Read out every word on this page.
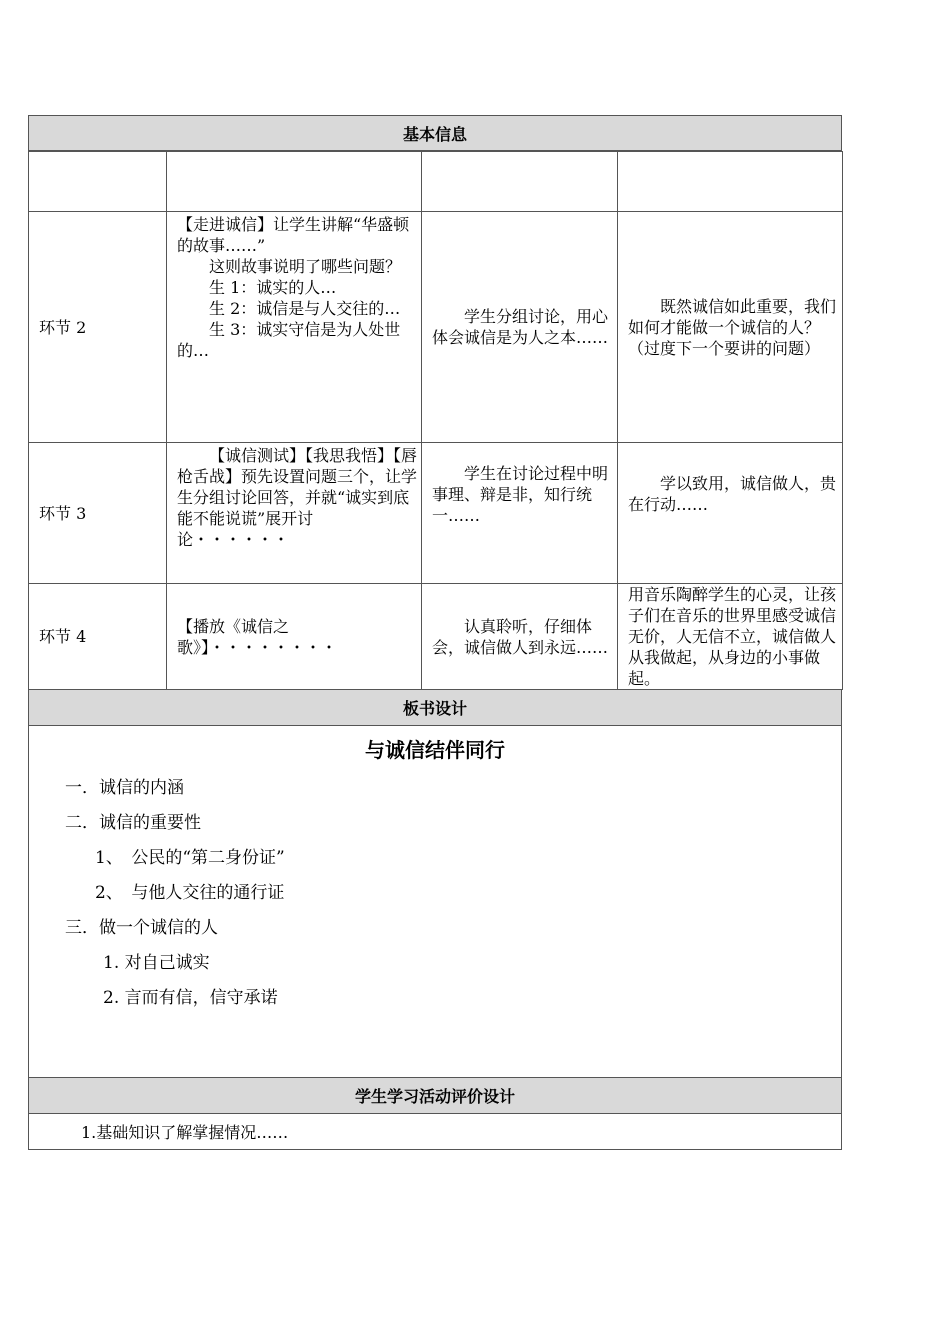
基本信息

环节 2	【走进诚信】让学生讲解“华盛顿的故事……”
这则故事说明了哪些问题？
生 1：诚实的人…
生 2：诚信是与人交往的…
生 3：诚实守信是为人处世的…	学生分组讨论，用心体会诚信是为人之本……	既然诚信如此重要，我们如何才能做一个诚信的人？（过度下一个要讲的问题）
环节 3	【诚信测试】【我思我悟】【唇枪舌战】预先设置问题三个，让学生分组讨论回答，并就“诚实到底能不能说谎”展开讨论・・・・・・	学生在讨论过程中明事理、辩是非，知行统一……	学以致用，诚信做人，贵在行动……
环节 4	【播放《诚信之歌》】・・・・・・・・	认真聆听，仔细体会，诚信做人到永远……	用音乐陶醉学生的心灵，让孩子们在音乐的世界里感受诚信无价，人无信不立，诚信做人从我做起，从身边的小事做起。
板书设计
与诚信结伴同行
一．诚信的内涵
二．诚信的重要性
1、　公民的“第二身份证”
2、　与他人交往的通行证
三．做一个诚信的人
1. 对自己诚实
2. 言而有信，信守承诺
学生学习活动评价设计
1.基础知识了解掌握情况……
